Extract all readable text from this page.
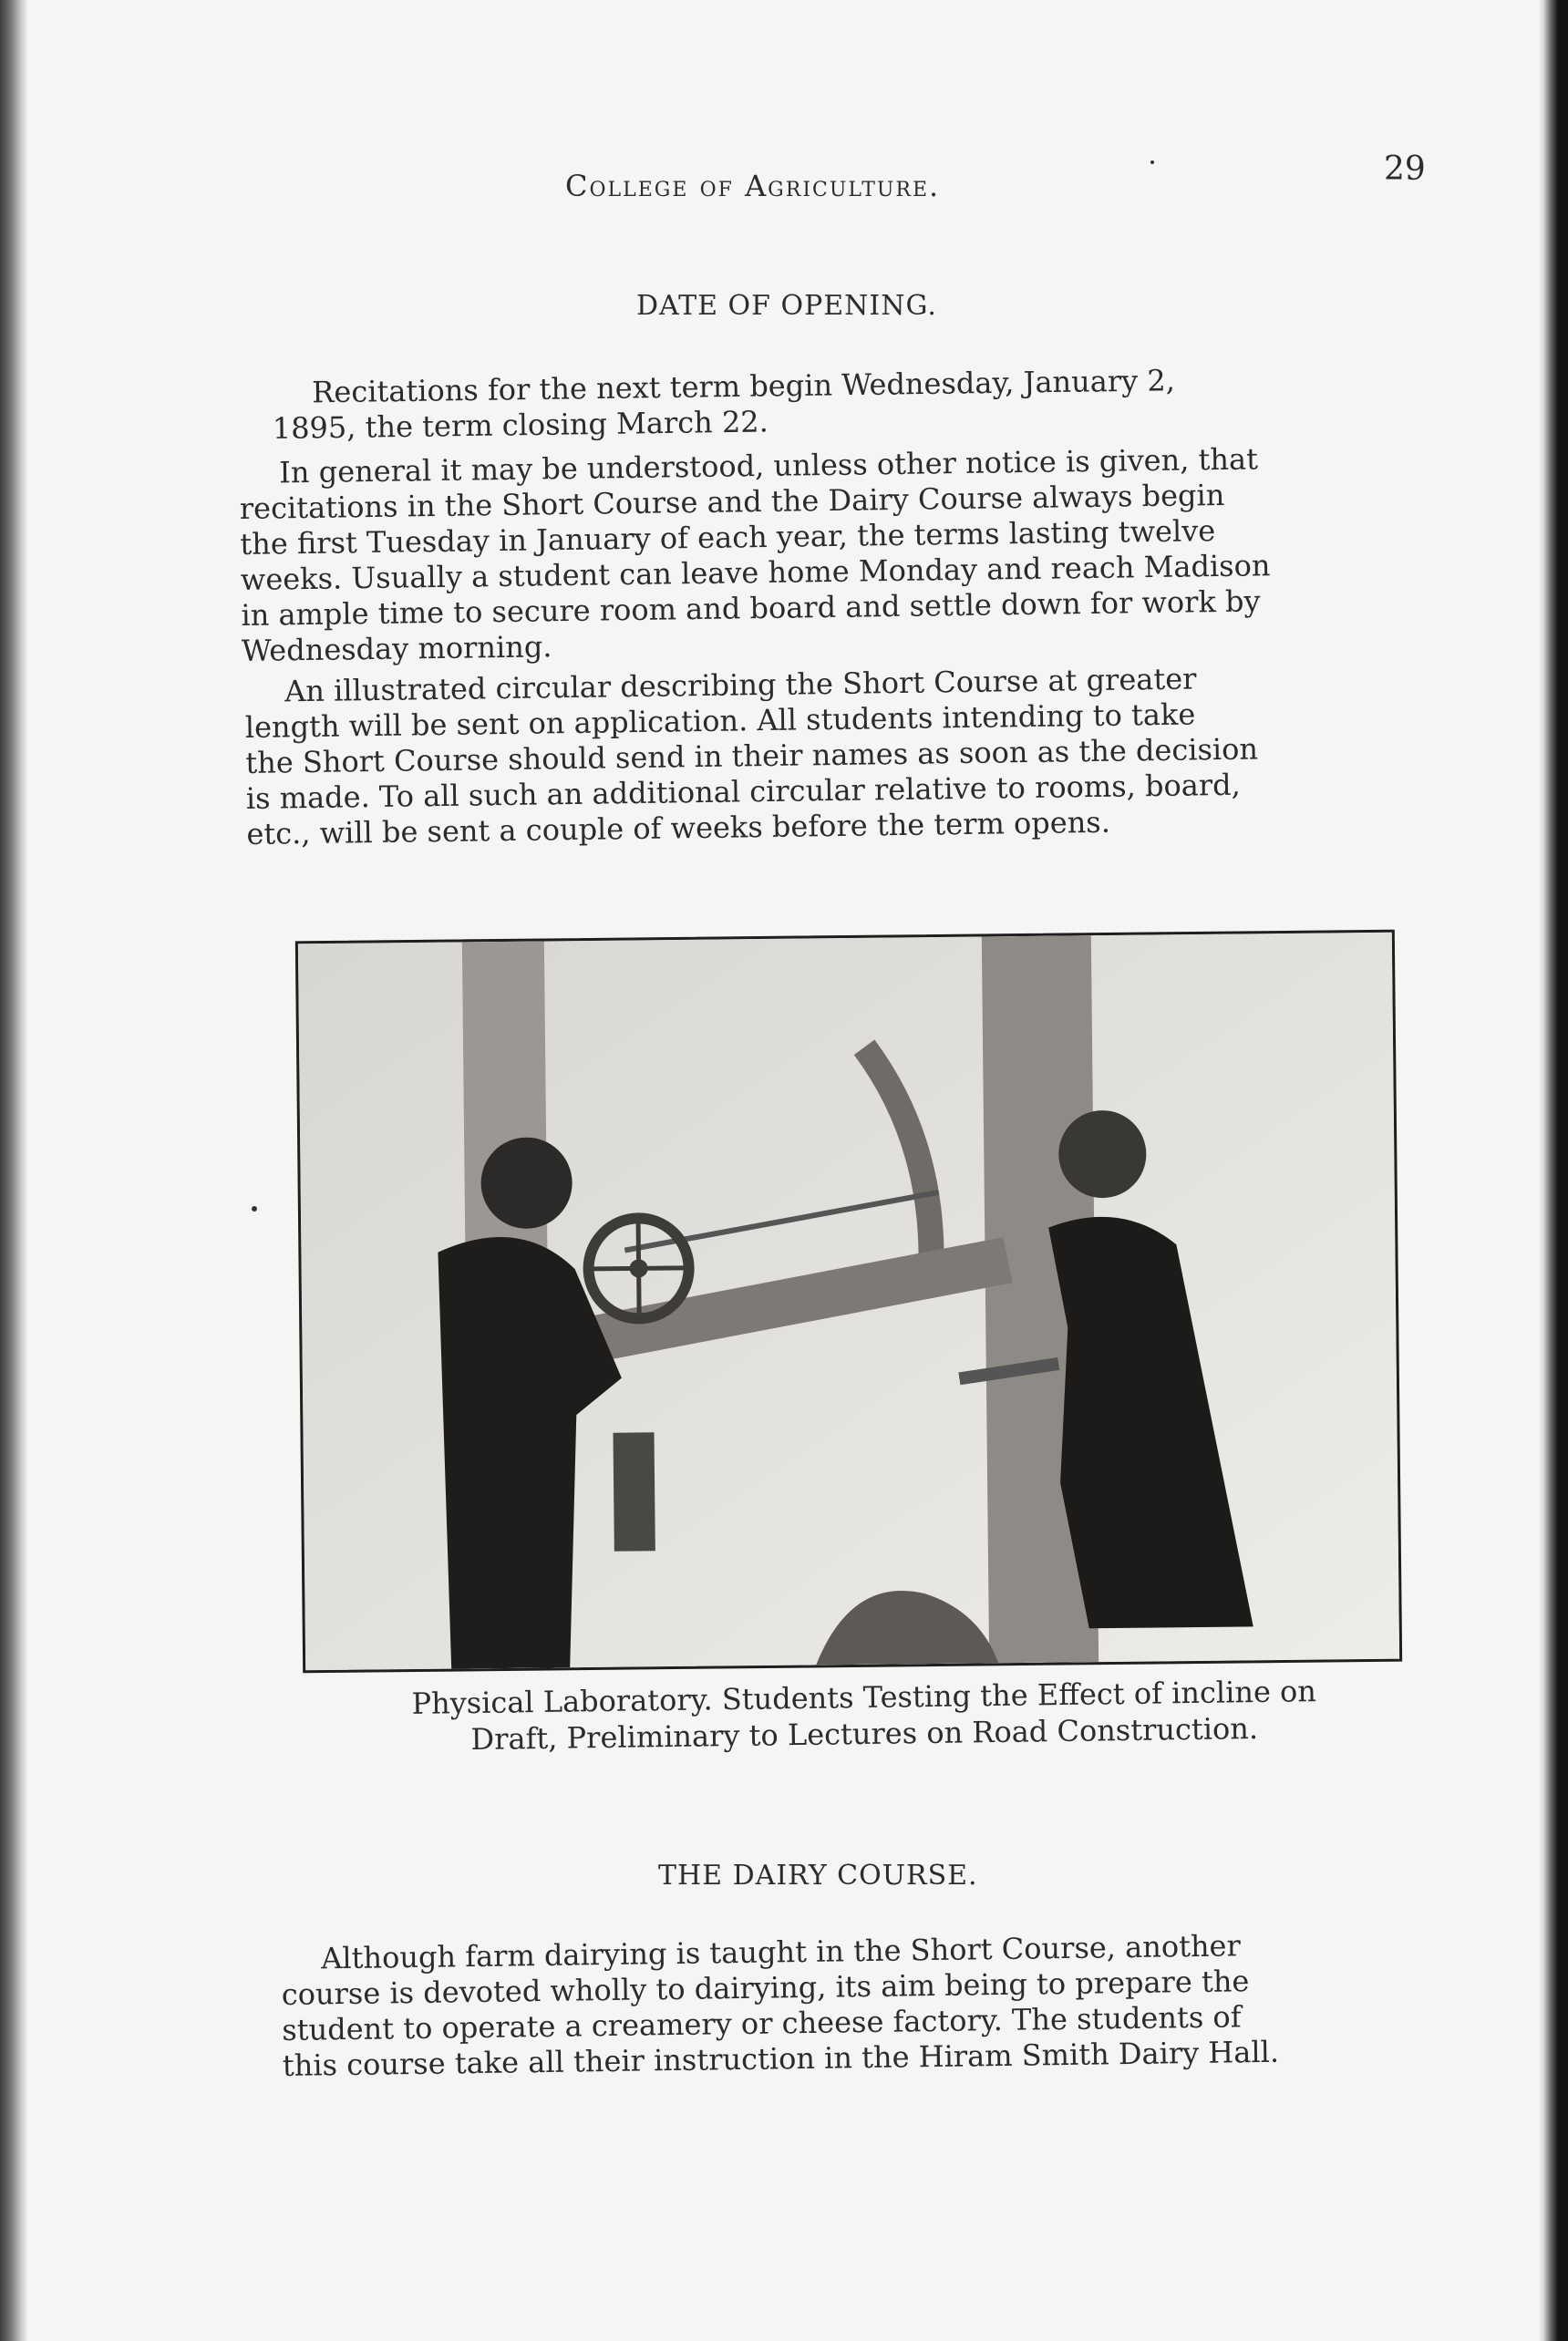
College of Agriculture.	29
DATE OF OPENING.
Recitations for the next term begin Wednesday, January 2,
1895, the term closing March 22.
In general it may be understood, unless other notice is given, that
recitations in the Short Course and the Dairy Course always begin
the first Tuesday in January of each year, the terms lasting twelve
weeks. Usually a student can leave home Monday and reach Madison
in ample time to secure room and board and settle down for work by
Wednesday morning.
An illustrated circular describing the Short Course at greater
length will be sent on application. All students intending to take
the Short Course should send in their names as soon as the decision
is made. To all such an additional circular relative to rooms, board,
etc., will be sent a couple of weeks before the term opens.
Physical Laboratory. Students Testing the Effect of incline on
Draft, Preliminary to Lectures on Road Construction.
THE DAIRY COURSE.
Although farm dairying is taught in the Short Course, another
course is devoted wholly to dairying, its aim being to prepare the
student to operate a creamery or cheese factory. The students of
this course take all their instruction in the Hiram Smith Dairy Hall.
